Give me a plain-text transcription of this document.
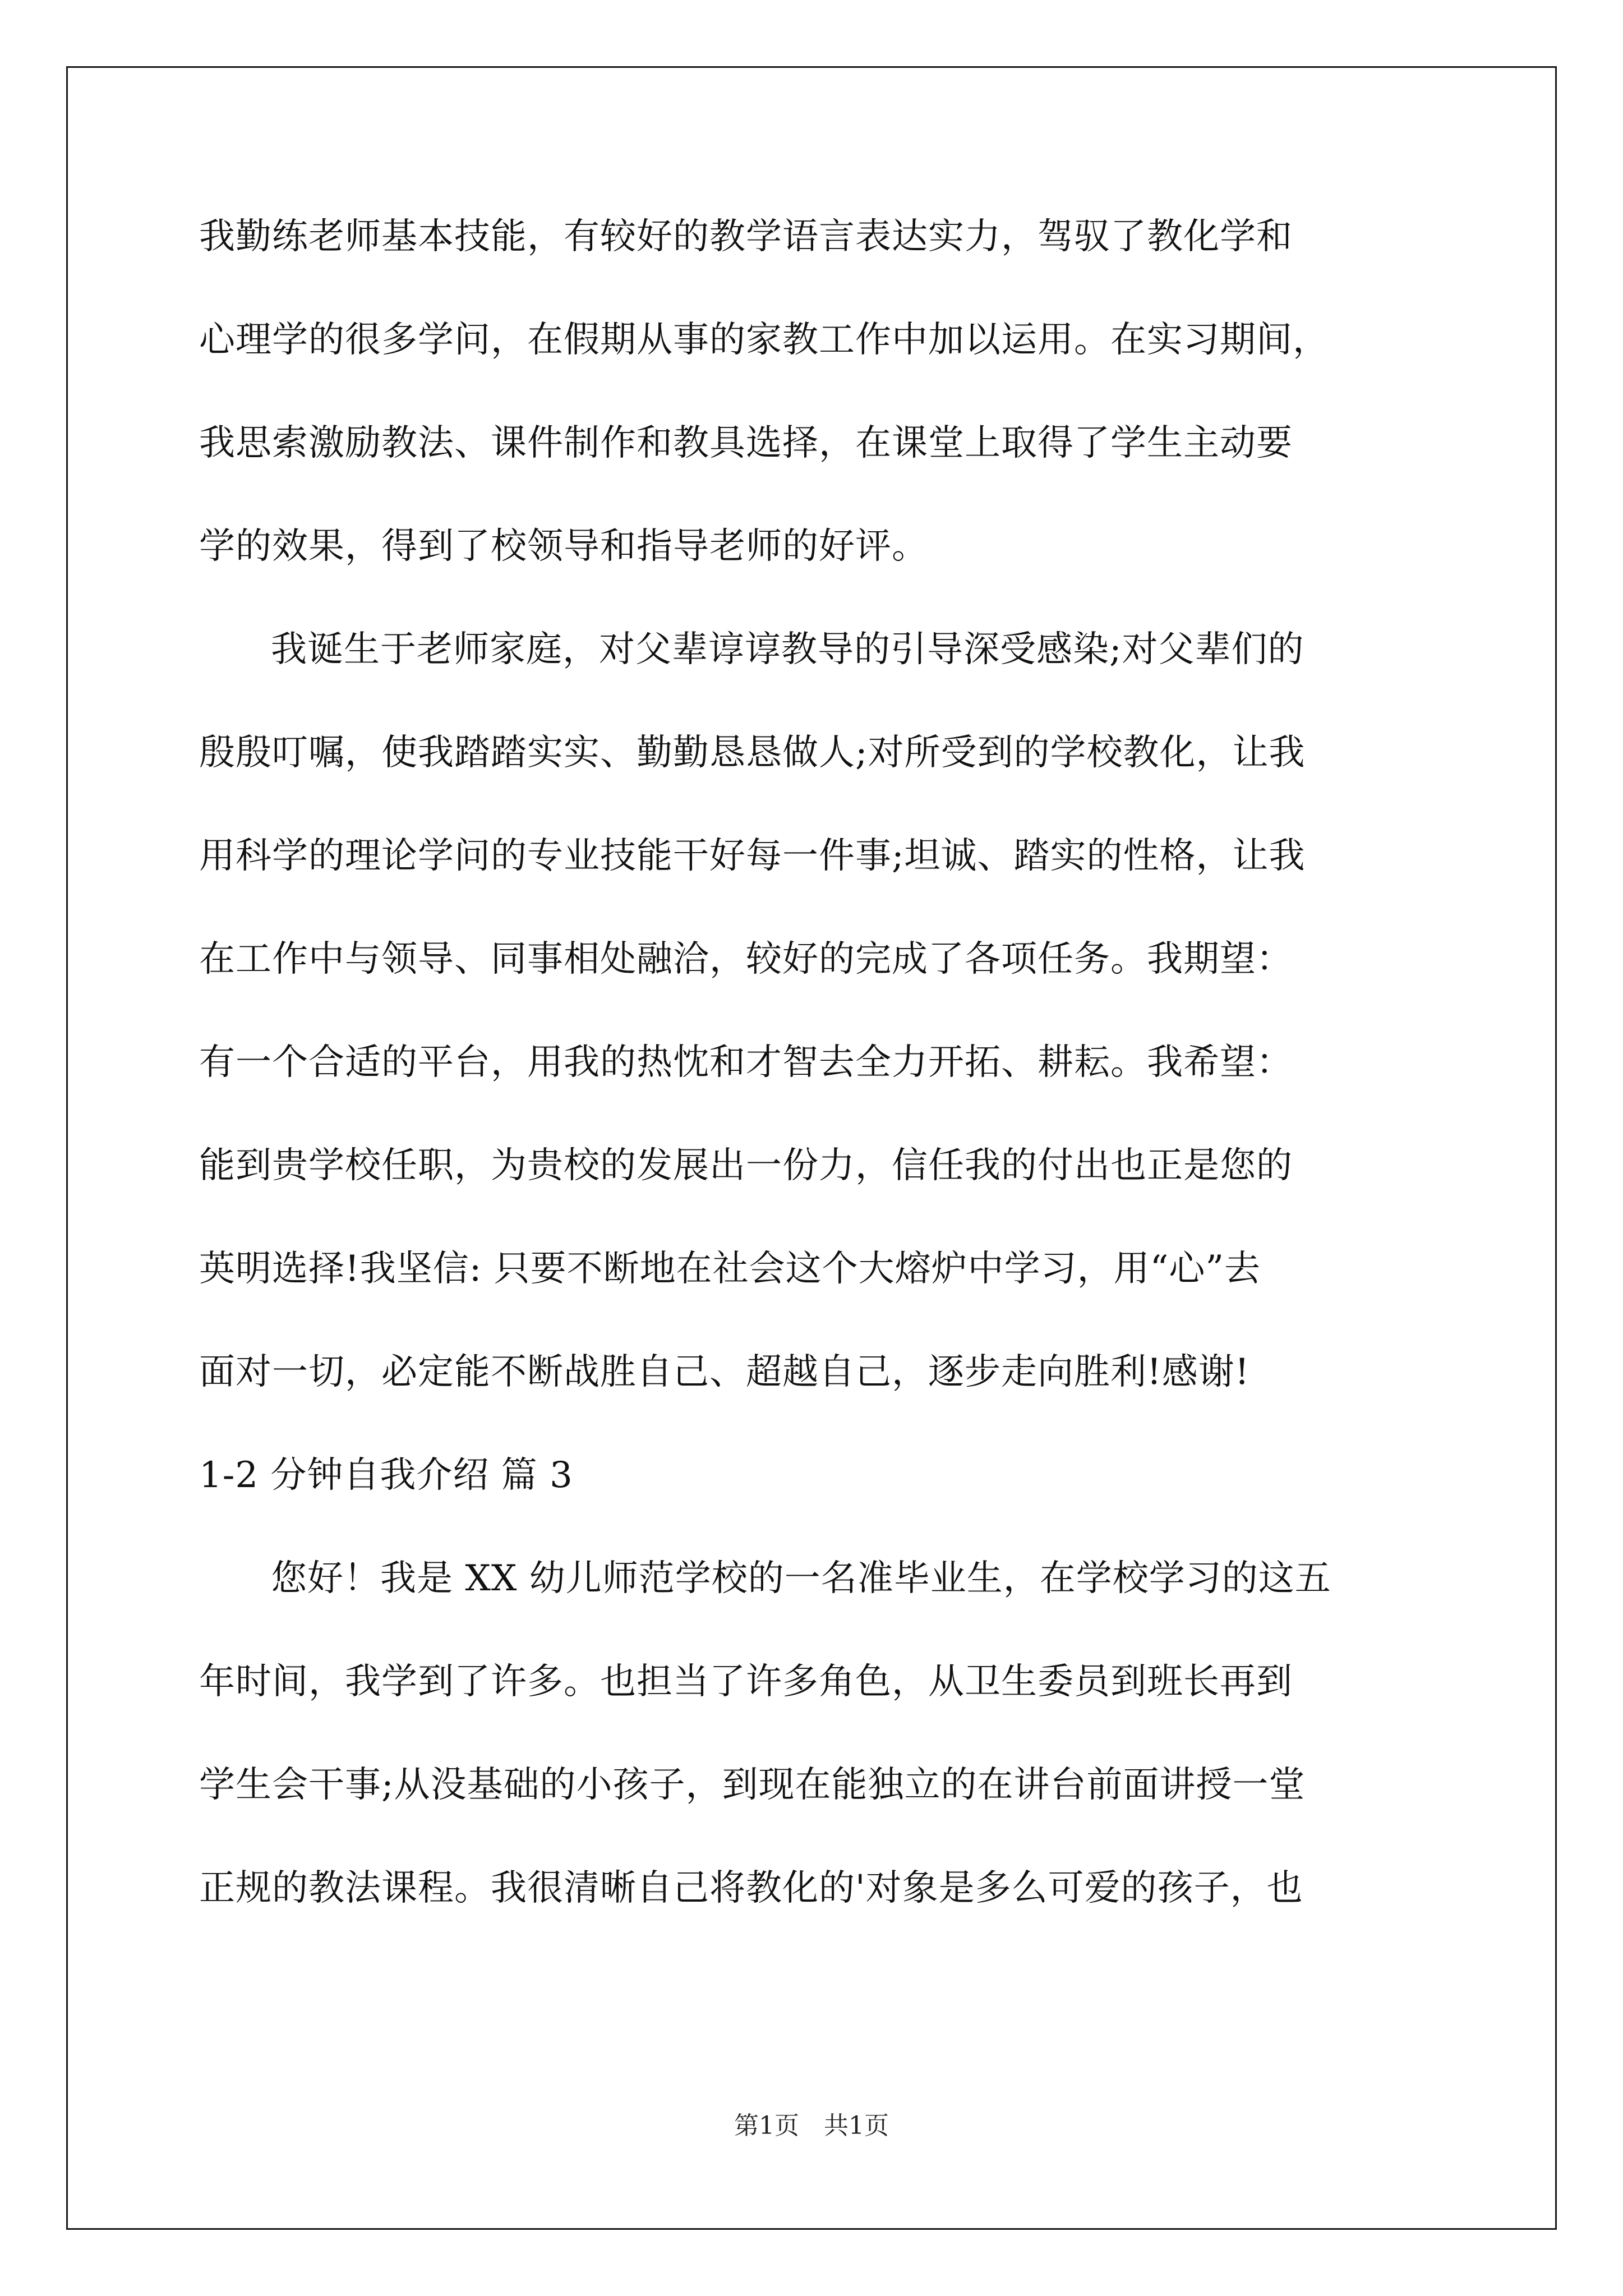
我勤练老师基本技能，有较好的教学语言表达实力，驾驭了教化学和
心理学的很多学问，在假期从事的家教工作中加以运用。在实习期间，
我思索激励教法、课件制作和教具选择，在课堂上取得了学生主动要
学的效果，得到了校领导和指导老师的好评。
我诞生于老师家庭，对父辈谆谆教导的引导深受感染;对父辈们的
殷殷叮嘱，使我踏踏实实、勤勤恳恳做人;对所受到的学校教化，让我
用科学的理论学问的专业技能干好每一件事;坦诚、踏实的性格，让我
在工作中与领导、同事相处融洽，较好的完成了各项任务。我期望：
有一个合适的平台，用我的热忱和才智去全力开拓、耕耘。我希望：
能到贵学校任职，为贵校的发展出一份力，信任我的付出也正是您的
英明选择!我坚信: 只要不断地在社会这个大熔炉中学习，用“心”去
面对一切，必定能不断战胜自己、超越自己，逐步走向胜利!感谢!
1-2 分钟自我介绍 篇 3
您好！我是 XX 幼儿师范学校的一名准毕业生，在学校学习的这五
年时间，我学到了许多。也担当了许多角色，从卫生委员到班长再到
学生会干事;从没基础的小孩子，到现在能独立的在讲台前面讲授一堂
正规的教法课程。我很清晰自己将教化的'对象是多么可爱的孩子，也
第1页 共1页
